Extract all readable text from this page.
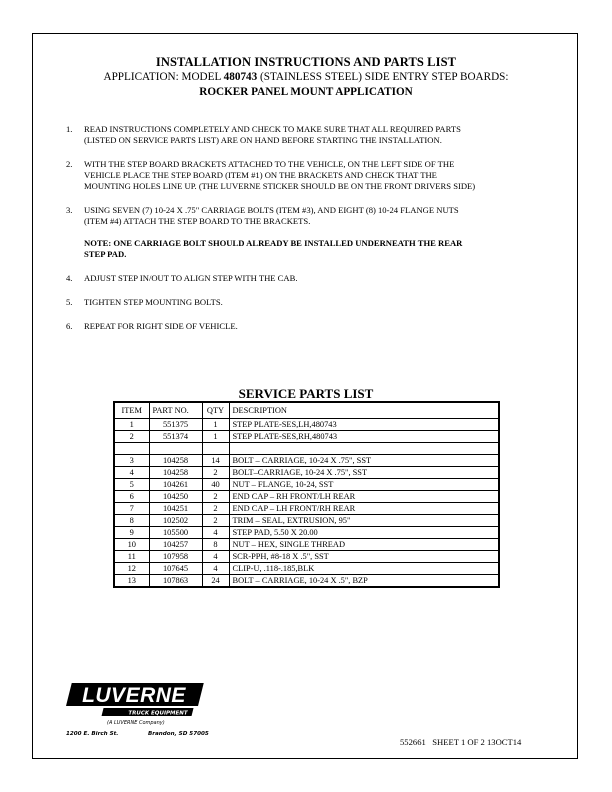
INSTALLATION INSTRUCTIONS AND PARTS LIST
APPLICATION: MODEL 480743 (STAINLESS STEEL) SIDE ENTRY STEP BOARDS:
ROCKER PANEL MOUNT APPLICATION
1. READ INSTRUCTIONS COMPLETELY AND CHECK TO MAKE SURE THAT ALL REQUIRED PARTS
(LISTED ON SERVICE PARTS LIST) ARE ON HAND BEFORE STARTING THE INSTALLATION.
2. WITH THE STEP BOARD BRACKETS ATTACHED TO THE VEHICLE, ON THE LEFT SIDE OF THE
VEHICLE PLACE THE STEP BOARD (ITEM #1) ON THE BRACKETS AND CHECK THAT THE
MOUNTING HOLES LINE UP. (THE LUVERNE STICKER SHOULD BE ON THE FRONT DRIVERS SIDE)
3. USING SEVEN (7) 10-24 X .75" CARRIAGE BOLTS (ITEM #3), AND EIGHT (8) 10-24 FLANGE NUTS
(ITEM #4) ATTACH THE STEP BOARD TO THE BRACKETS.
NOTE: ONE CARRIAGE BOLT SHOULD ALREADY BE INSTALLED UNDERNEATH THE REAR
STEP PAD.
4. ADJUST STEP IN/OUT TO ALIGN STEP WITH THE CAB.
5. TIGHTEN STEP MOUNTING BOLTS.
6. REPEAT FOR RIGHT SIDE OF VEHICLE.
SERVICE PARTS LIST
ITEM	PART NO.	QTY	DESCRIPTION
1	551375	1	STEP PLATE-SES,LH,480743
2	551374	1	STEP PLATE-SES,RH,480743

3	104258	14	BOLT – CARRIAGE, 10-24 X .75", SST
4	104258	2	BOLT–CARRIAGE, 10-24 X .75", SST
5	104261	40	NUT – FLANGE, 10-24, SST
6	104250	2	END CAP – RH FRONT/LH REAR
7	104251	2	END CAP – LH FRONT/RH REAR
8	102502	2	TRIM – SEAL, EXTRUSION, 95"
9	105500	4	STEP PAD, 5.50 X 20.00
10	104257	8	NUT – HEX, SINGLE THREAD
11	107958	4	SCR-PPH, #8-18 X .5", SST
12	107645	4	CLIP-U, .118-.185,BLK
13	107863	24	BOLT – CARRIAGE, 10-24 X .5", BZP
LUVERNE
TRUCK EQUIPMENT
(A LUVERNE Company)
1200 E. Birch St.	Brandon, SD 57005
552661   SHEET 1 OF 2 13OCT14
